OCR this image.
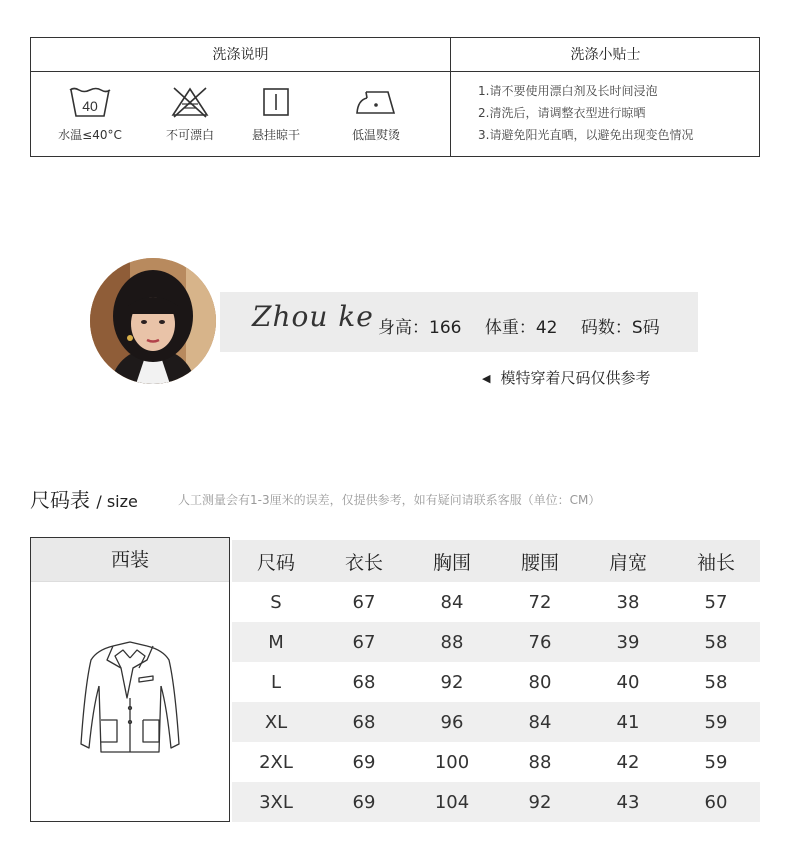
洗涤说明	洗涤小贴士
40
水温≤40°C	不可漂白	悬挂晾干	低温熨烫
1.请不要使用漂白剂及长时间浸泡
2.清洗后，请调整衣型进行晾晒
3.请避免阳光直晒，以避免出现变色情况
Zhou ke 身高：166 体重：42 码数：S码
◀ 模特穿着尺码仅供参考
尺码表 / size	人工测量会有1-3厘米的误差，仅提供参考，如有疑问请联系客服（单位：CM）
西装	尺码	衣长	胸围	腰围	肩宽	袖长
S	67	84	72	38	57
M	67	88	76	39	58
L	68	92	80	40	58
XL	68	96	84	41	59
2XL	69	100	88	42	59
3XL	69	104	92	43	60
